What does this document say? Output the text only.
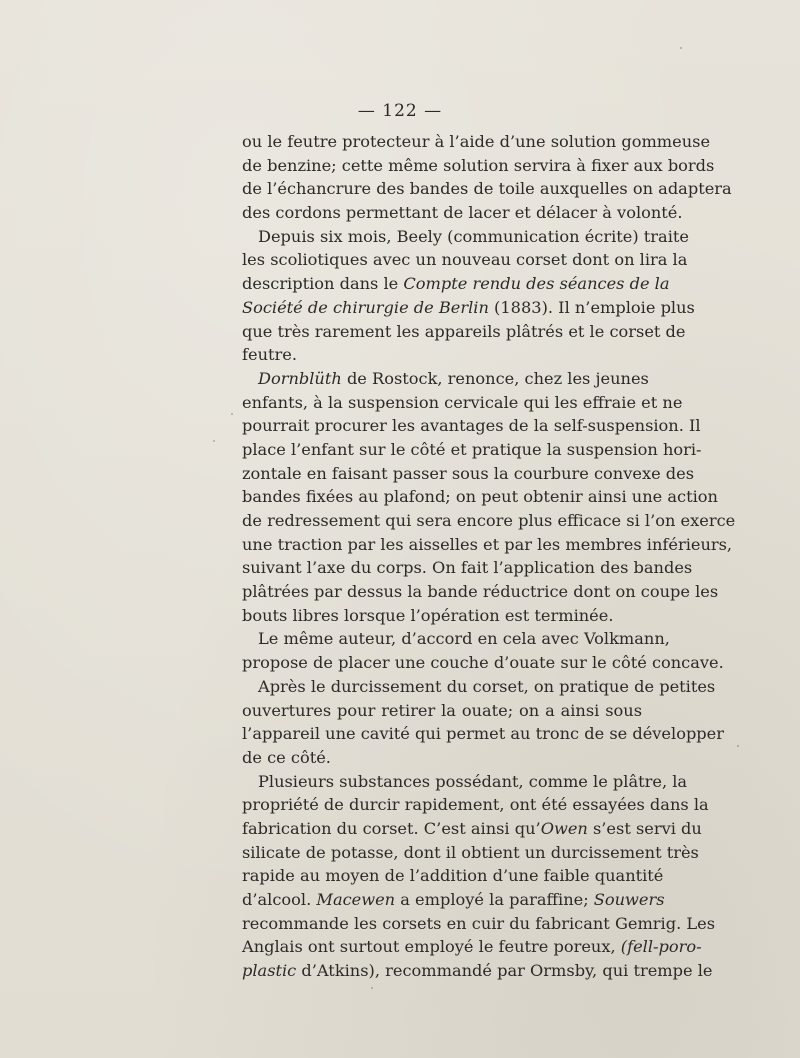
— 122 —
ou le feutre protecteur à l’aide d’une solution gommeuse
de benzine; cette même solution servira à fixer aux bords
de l’échancrure des bandes de toile auxquelles on adaptera
des cordons permettant de lacer et délacer à volonté.
Depuis six mois, Beely (communication écrite) traite
les scoliotiques avec un nouveau corset dont on lira la
description dans le Compte rendu des séances de la
Société de chirurgie de Berlin (1883). Il n’emploie plus
que très rarement les appareils plâtrés et le corset de
feutre.
Dornblüth de Rostock, renonce, chez les jeunes
enfants, à la suspension cervicale qui les effraie et ne
pourrait procurer les avantages de la self-suspension. Il
place l’enfant sur le côté et pratique la suspension hori-
zontale en faisant passer sous la courbure convexe des
bandes fixées au plafond; on peut obtenir ainsi une action
de redressement qui sera encore plus efficace si l’on exerce
une traction par les aisselles et par les membres inférieurs,
suivant l’axe du corps. On fait l’application des bandes
plâtrées par dessus la bande réductrice dont on coupe les
bouts libres lorsque l’opération est terminée.
Le même auteur, d’accord en cela avec Volkmann,
propose de placer une couche d’ouate sur le côté concave.
Après le durcissement du corset, on pratique de petites
ouvertures pour retirer la ouate; on a ainsi sous
l’appareil une cavité qui permet au tronc de se développer
de ce côté.
Plusieurs substances possédant, comme le plâtre, la
propriété de durcir rapidement, ont été essayées dans la
fabrication du corset. C’est ainsi qu’Owen s’est servi du
silicate de potasse, dont il obtient un durcissement très
rapide au moyen de l’addition d’une faible quantité
d’alcool. Macewen a employé la paraffine; Souwers
recommande les corsets en cuir du fabricant Gemrig. Les
Anglais ont surtout employé le feutre poreux, (fell-poro-
plastic d’Atkins), recommandé par Ormsby, qui trempe le
